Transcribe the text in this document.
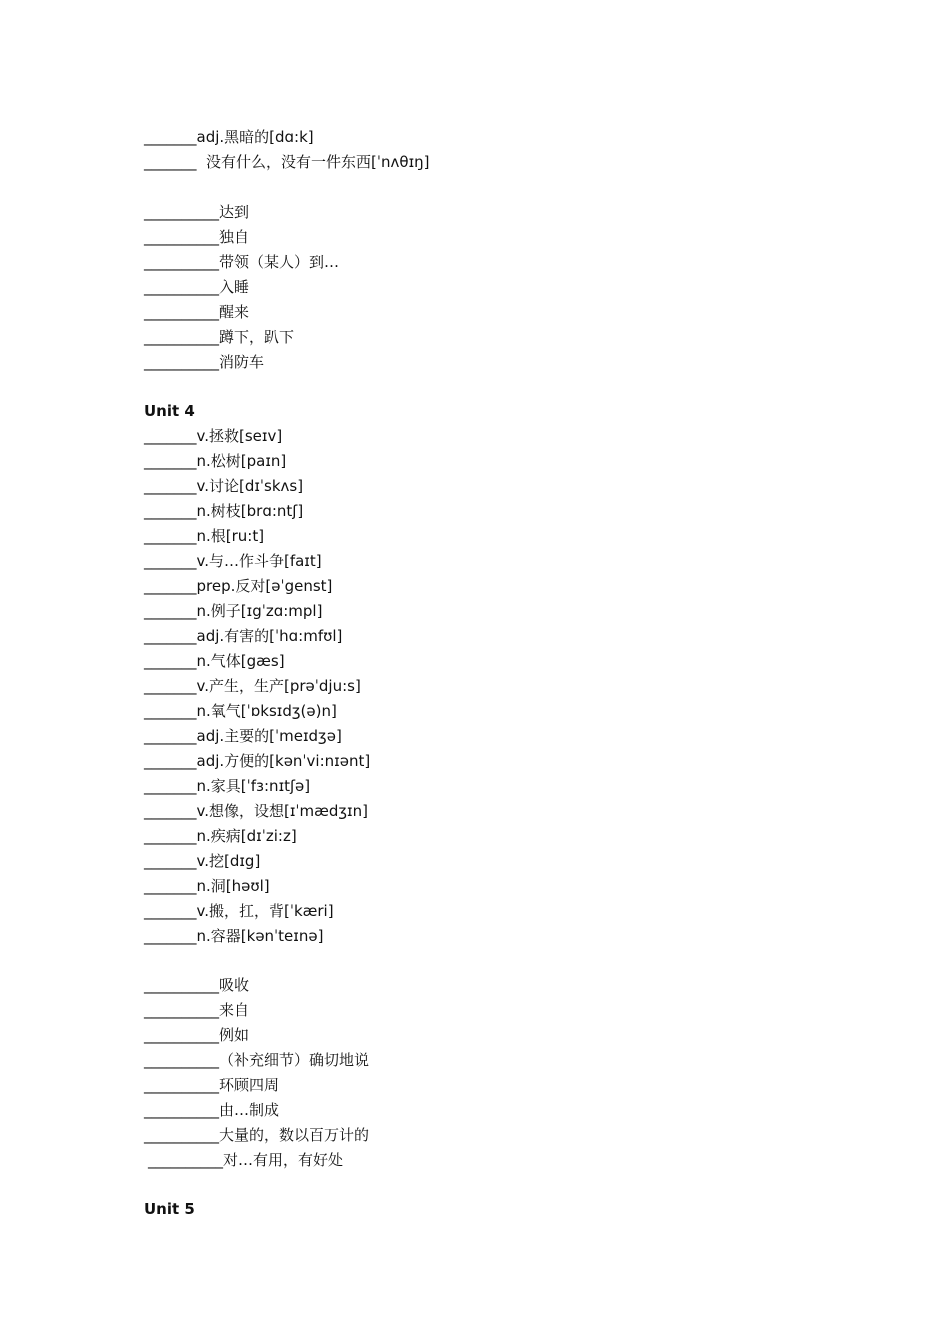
_______adj.黑暗的[dɑ:k]
_______  没有什么，没有一件东西[ˈnʌθɪŋ]
__________达到
__________独自
__________带领（某人）到…
__________入睡
__________醒来
__________蹲下，趴下
__________消防车
Unit 4
_______v.拯救[seɪv]
_______n.松树[paɪn]
_______v.讨论[dɪˈskʌs]
_______n.树枝[brɑ:ntʃ]
_______n.根[ru:t]
_______v.与…作斗争[faɪt]
_______prep.反对[əˈgenst]
_______n.例子[ɪgˈzɑ:mpl]
_______adj.有害的[ˈhɑ:mfʊl]
_______n.气体[gæs]
_______v.产生，生产[prəˈdju:s]
_______n.氧气[ˈɒksɪdʒ(ə)n]
_______adj.主要的[ˈmeɪdʒə]
_______adj.方便的[kənˈvi:nɪənt]
_______n.家具[ˈfɜ:nɪtʃə]
_______v.想像，设想[ɪˈmædʒɪn]
_______n.疾病[dɪˈzi:z]
_______v.挖[dɪg]
_______n.洞[həʊl]
_______v.搬，扛，背[ˈkæri]
_______n.容器[kənˈteɪnə]
__________吸收
__________来自
__________例如
__________（补充细节）确切地说
__________环顾四周
__________由…制成
__________大量的，数以百万计的
__________对…有用，有好处
Unit 5
